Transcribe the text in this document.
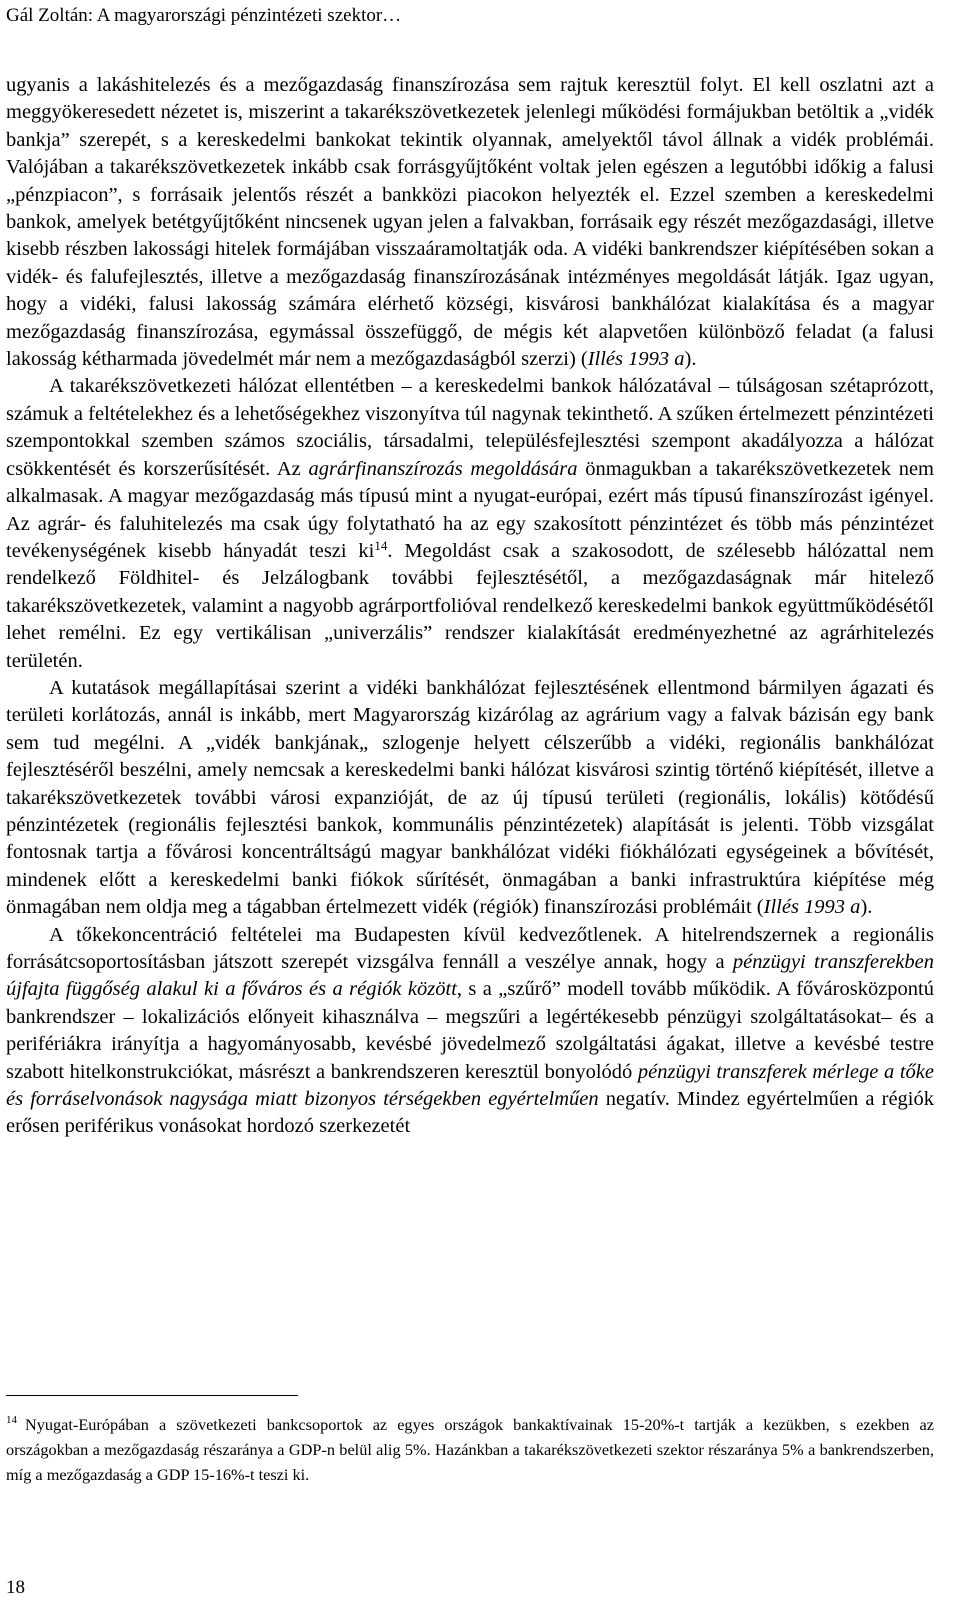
Gál Zoltán: A magyarországi pénzintézeti szektor…

ugyanis a lakáshitelezés és a mezőgazdaság finanszírozása sem rajtuk keresztül folyt. El kell oszlatni azt a meggyökeresedett nézetet is, miszerint a takarékszövetkezetek jelenlegi működési formájukban betöltik a „vidék bankja” szerepét, s a kereskedelmi bankokat tekintik olyannak, amelyektől távol állnak a vidék problémái. Valójában a takarékszövetkezetek inkább csak forrásgyűjtőként voltak jelen egészen a legutóbbi időkig a falusi „pénzpiacon”, s forrásaik jelentős részét a bankközi piacokon helyezték el. Ezzel szemben a kereskedelmi bankok, amelyek betétgyűjtőként nincsenek ugyan jelen a falvakban, forrásaik egy részét mezőgazdasági, illetve kisebb részben lakossági hitelek formájában visszaáramoltatják oda. A vidéki bankrendszer kiépítésében sokan a vidék- és falufejlesztés, illetve a mezőgazdaság finanszírozásának intézményes megoldását látják. Igaz ugyan, hogy a vidéki, falusi lakosság számára elérhető községi, kisvárosi bankhálózat kialakítása és a magyar mezőgazdaság finanszírozása, egymással összefüggő, de mégis két alapvetően különböző feladat (a falusi lakosság kétharmada jövedelmét már nem a mezőgazdaságból szerzi) (Illés 1993 a).

A takarékszövetkezeti hálózat ellentétben – a kereskedelmi bankok hálózatával – túlságosan szétaprózott, számuk a feltételekhez és a lehetőségekhez viszonyítva túl nagynak tekinthető. A szűken értelmezett pénzintézeti szempontokkal szemben számos szociális, társadalmi, településfejlesztési szempont akadályozza a hálózat csökkentését és korszerűsítését. Az agrárfinanszírozás megoldására önmagukban a takarékszövetkezetek nem alkalmasak. A magyar mezőgazdaság más típusú mint a nyugat-európai, ezért más típusú finanszírozást igényel. Az agrár- és faluhitelezés ma csak úgy folytatható ha az egy szakosított pénzintézet és több más pénzintézet tevékenységének kisebb hányadát teszi ki$^{14}$. Megoldást csak a szakosodott, de szélesebb hálózattal nem rendelkező Földhitel- és Jelzálogbank további fejlesztésétől, a mezőgazdaságnak már hitelező takarékszövetkezetek, valamint a nagyobb agrárportfolióval rendelkező kereskedelmi bankok együttműködésétől lehet remélni. Ez egy vertikálisan „univerzális” rendszer kialakítását eredményezhetné az agrárhitelezés területén.

A kutatások megállapításai szerint a vidéki bankhálózat fejlesztésének ellentmond bármilyen ágazati és területi korlátozás, annál is inkább, mert Magyarország kizárólag az agrárium vagy a falvak bázisán egy bank sem tud megélni. A „vidék bankjának„ szlogenje helyett célszerűbb a vidéki, regionális bankhálózat fejlesztéséről beszélni, amely nemcsak a kereskedelmi banki hálózat kisvárosi szintig történő kiépítését, illetve a takarékszövetkezetek további városi expanzióját, de az új típusú területi (regionális, lokális) kötődésű pénzintézetek (regionális fejlesztési bankok, kommunális pénzintézetek) alapítását is jelenti. Több vizsgálat fontosnak tartja a fővárosi koncentráltságú magyar bankhálózat vidéki fiókhálózati egységeinek a bővítését, mindenek előtt a kereskedelmi banki fiókok sűrítését, önmagában a banki infrastruktúra kiépítése még önmagában nem oldja meg a tágabban értelmezett vidék (régiók) finanszírozási problémáit (Illés 1993 a).

A tőkekoncentráció feltételei ma Budapesten kívül kedvezőtlenek. A hitelrendszernek a regionális forrásátcsoportosításban játszott szerepét vizsgálva fennáll a veszélye annak, hogy a pénzügyi transzferekben újfajta függőség alakul ki a főváros és a régiók között, s a „szűrő” modell tovább működik. A fővárosközpontú bankrendszer – lokalizációs előnyeit kihasználva – megszűri a legértékesebb pénzügyi szolgáltatásokat– és a perifériákra irányítja a hagyományosabb, kevésbé jövedelmező szolgáltatási ágakat, illetve a kevésbé testre szabott hitelkonstrukciókat, másrészt a bankrendszeren keresztül bonyolódó pénzügyi transzferek mérlege a tőke és forráselvonások nagysága miatt bizonyos térségekben egyértelműen negatív. Mindez egyértelműen a régiók erősen periférikus vonásokat hordozó szerkezetét

$^{14}$ Nyugat-Európában a szövetkezeti bankcsoportok az egyes országok bankaktívainak 15-20%-t tartják a kezükben, s ezekben az országokban a mezőgazdaság részaránya a GDP-n belül alig 5%. Hazánkban a takarékszövetkezeti szektor részaránya 5% a bankrendszerben, míg a mezőgazdaság a GDP 15-16%-t teszi ki.
18
